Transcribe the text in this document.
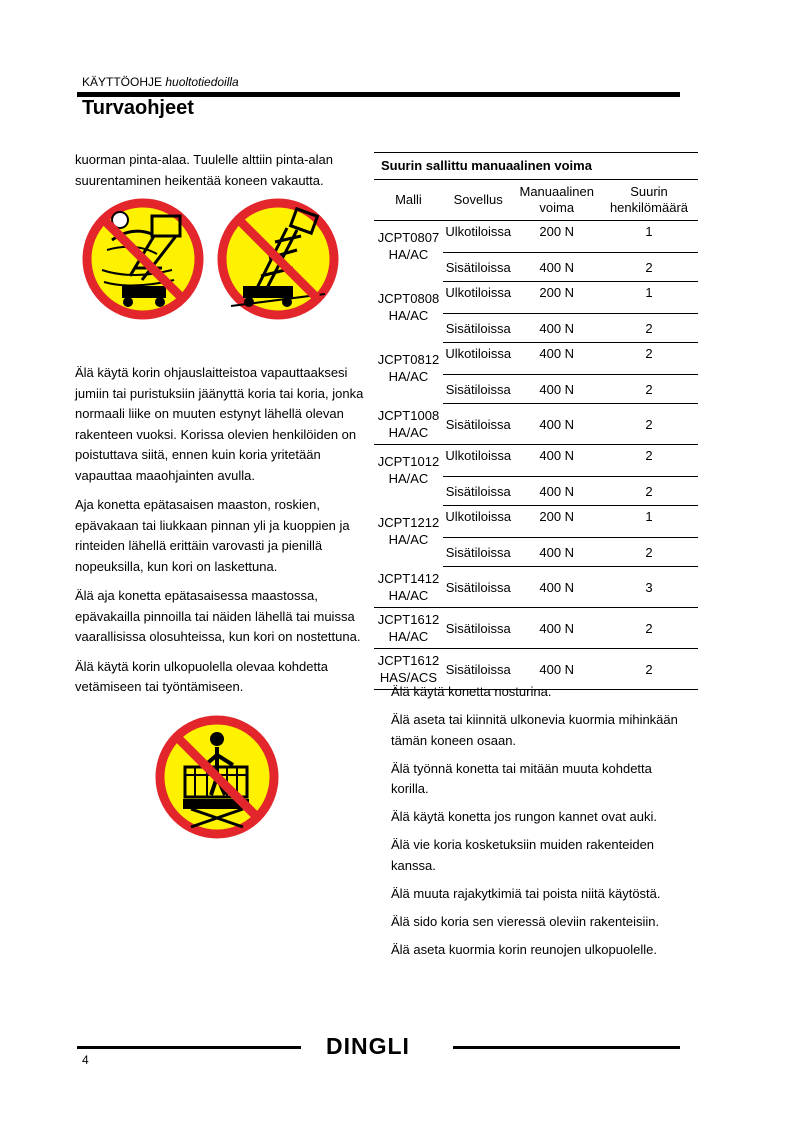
KÄYTTÖOHJE huoltotiedoilla
Turvaohjeet

kuorman pinta-alaa. Tuulelle alttiin pinta-alan suurentaminen heikentää koneen vakautta.

Älä käytä korin ohjauslaitteistoa vapauttaaksesi jumiin tai puristuksiin jäänyttä koria tai koria, jonka normaali liike on muuten estynyt lähellä olevan rakenteen vuoksi. Korissa olevien henkilöiden on poistuttava siitä, ennen kuin koria yritetään vapauttaa maaohjainten avulla.

Aja konetta epätasaisen maaston, roskien, epävakaan tai liukkaan pinnan yli ja kuoppien ja rinteiden lähellä erittäin varovasti ja pienillä nopeuksilla, kun kori on laskettuna.

Älä aja konetta epätasaisessa maastossa, epävakailla pinnoilla tai näiden lähellä tai muissa vaarallisissa olosuhteissa, kun kori on nostettuna.

Älä käytä korin ulkopuolella olevaa kohdetta vetämiseen tai työntämiseen.

Suurin sallittu manuaalinen voima
Malli	Sovellus	Manuaalinen voima	Suurin henkilömäärä
JCPT0807 HA/AC	Ulkotiloissa	200 N	1
	Sisätiloissa	400 N	2
JCPT0808 HA/AC	Ulkotiloissa	200 N	1
	Sisätiloissa	400 N	2
JCPT0812 HA/AC	Ulkotiloissa	400 N	2
	Sisätiloissa	400 N	2
JCPT1008 HA/AC	Sisätiloissa	400 N	2
JCPT1012 HA/AC	Ulkotiloissa	400 N	2
	Sisätiloissa	400 N	2
JCPT1212 HA/AC	Ulkotiloissa	200 N	1
	Sisätiloissa	400 N	2
JCPT1412 HA/AC	Sisätiloissa	400 N	3
JCPT1612 HA/AC	Sisätiloissa	400 N	2
JCPT1612 HAS/ACS	Sisätiloissa	400 N	2

Älä käytä konetta nosturina.

Älä aseta tai kiinnitä ulkonevia kuormia mihinkään tämän koneen osaan.

Älä työnnä konetta tai mitään muuta kohdetta korilla.

Älä käytä konetta jos rungon kannet ovat auki.

Älä vie koria kosketuksiin muiden rakenteiden kanssa.

Älä muuta rajakytkimiä tai poista niitä käytöstä.

Älä sido koria sen vieressä oleviin rakenteisiin.

Älä aseta kuormia korin reunojen ulkopuolelle.

DINGLI
4
